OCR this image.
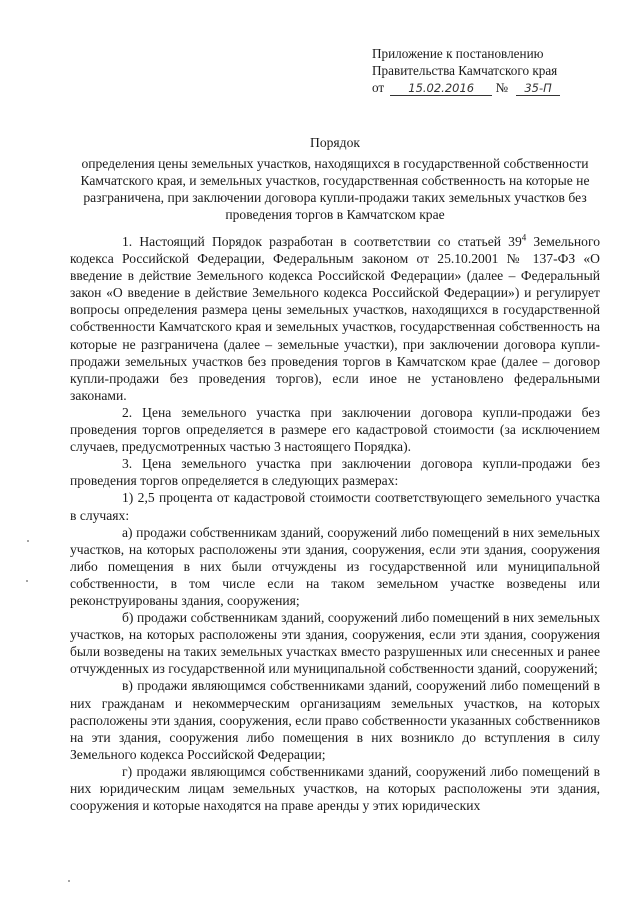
Приложение к постановлению
Правительства Камчатского края
от 15.02.2016 № 35-П
Порядок
определения цены земельных участков, находящихся в государственной собственности Камчатского края, и земельных участков, государственная собственность на которые не разграничена, при заключении договора купли-продажи таких земельных участков без проведения торгов в Камчатском крае

1. Настоящий Порядок разработан в соответствии со статьей $39^4$ Земельного кодекса Российской Федерации, Федеральным законом от 25.10.2001 № 137-ФЗ «О введение в действие Земельного кодекса Российской Федерации» (далее – Федеральный закон «О введение в действие Земельного кодекса Российской Федерации») и регулирует вопросы определения размера цены земельных участков, находящихся в государственной собственности Камчатского края и земельных участков, государственная собственность на которые не разграничена (далее – земельные участки), при заключении договора купли-продажи земельных участков без проведения торгов в Камчатском крае (далее – договор купли-продажи без проведения торгов), если иное не установлено федеральными законами.

2. Цена земельного участка при заключении договора купли-продажи без проведения торгов определяется в размере его кадастровой стоимости (за исключением случаев, предусмотренных частью 3 настоящего Порядка).

3. Цена земельного участка при заключении договора купли-продажи без проведения торгов определяется в следующих размерах:

1) 2,5 процента от кадастровой стоимости соответствующего земельного участка в случаях:

а) продажи собственникам зданий, сооружений либо помещений в них земельных участков, на которых расположены эти здания, сооружения, если эти здания, сооружения либо помещения в них были отчуждены из государственной или муниципальной собственности, в том числе если на таком земельном участке возведены или реконструированы здания, сооружения;

б) продажи собственникам зданий, сооружений либо помещений в них земельных участков, на которых расположены эти здания, сооружения, если эти здания, сооружения были возведены на таких земельных участках вместо разрушенных или снесенных и ранее отчужденных из государственной или муниципальной собственности зданий, сооружений;

в) продажи являющимся собственниками зданий, сооружений либо помещений в них гражданам и некоммерческим организациям земельных участков, на которых расположены эти здания, сооружения, если право собственности указанных собственников на эти здания, сооружения либо помещения в них возникло до вступления в силу Земельного кодекса Российской Федерации;

г) продажи являющимся собственниками зданий, сооружений либо помещений в них юридическим лицам земельных участков, на которых расположены эти здания, сооружения и которые находятся на праве аренды у этих юридических
